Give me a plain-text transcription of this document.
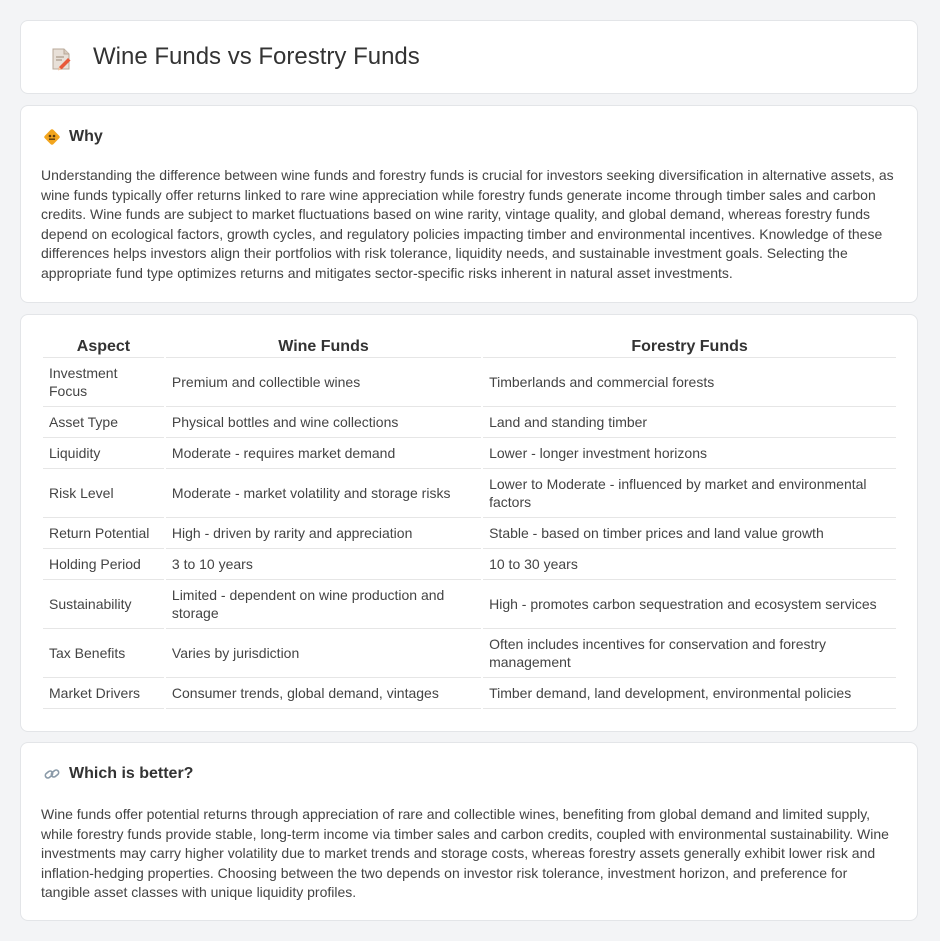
Wine Funds vs Forestry Funds
Why

Understanding the difference between wine funds and forestry funds is crucial for investors seeking diversification in alternative assets, as wine funds typically offer returns linked to rare wine appreciation while forestry funds generate income through timber sales and carbon credits. Wine funds are subject to market fluctuations based on wine rarity, vintage quality, and global demand, whereas forestry funds depend on ecological factors, growth cycles, and regulatory policies impacting timber and environmental incentives. Knowledge of these differences helps investors align their portfolios with risk tolerance, liquidity needs, and sustainable investment goals. Selecting the appropriate fund type optimizes returns and mitigates sector-specific risks inherent in natural asset investments.

Aspect	Wine Funds	Forestry Funds
Investment Focus	Premium and collectible wines	Timberlands and commercial forests
Asset Type	Physical bottles and wine collections	Land and standing timber
Liquidity	Moderate - requires market demand	Lower - longer investment horizons
Risk Level	Moderate - market volatility and storage risks	Lower to Moderate - influenced by market and environmental factors
Return Potential	High - driven by rarity and appreciation	Stable - based on timber prices and land value growth
Holding Period	3 to 10 years	10 to 30 years
Sustainability	Limited - dependent on wine production and storage	High - promotes carbon sequestration and ecosystem services
Tax Benefits	Varies by jurisdiction	Often includes incentives for conservation and forestry management
Market Drivers	Consumer trends, global demand, vintages	Timber demand, land development, environmental policies
Which is better?

Wine funds offer potential returns through appreciation of rare and collectible wines, benefiting from global demand and limited supply, while forestry funds provide stable, long-term income via timber sales and carbon credits, coupled with environmental sustainability. Wine investments may carry higher volatility due to market trends and storage costs, whereas forestry assets generally exhibit lower risk and inflation-hedging properties. Choosing between the two depends on investor risk tolerance, investment horizon, and preference for tangible asset classes with unique liquidity profiles.
